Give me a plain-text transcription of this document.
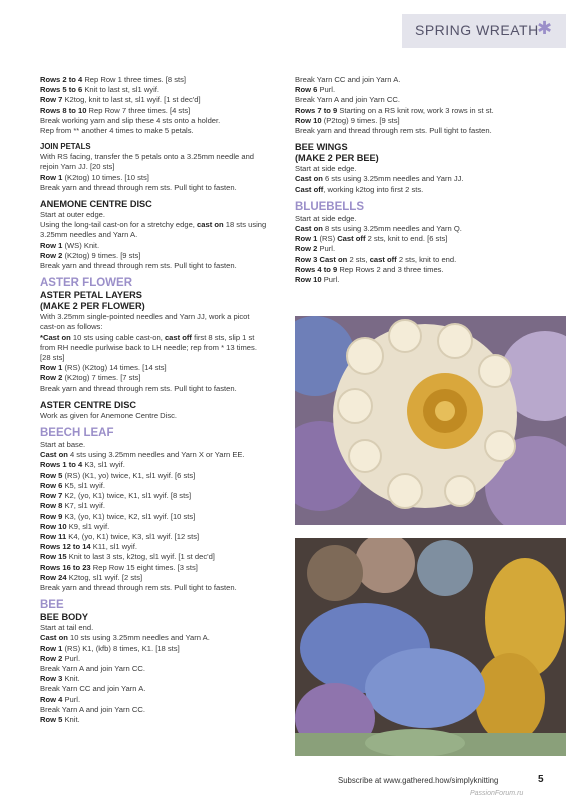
SPRING WREATH
✱
Rows 2 to 4 Rep Row 1 three times. [8 sts]
Rows 5 to 6 Knit to last st, sl1 wyif.
Row 7 K2tog, knit to last st, sl1 wyif. [1 st dec'd]
Rows 8 to 10 Rep Row 7 three times. [4 sts]
Break working yarn and slip these 4 sts onto a holder.
Rep from ** another 4 times to make 5 petals.
JOIN PETALS
With RS facing, transfer the 5 petals onto a 3.25mm needle and
rejoin Yarn JJ. [20 sts]
Row 1 (K2tog) 10 times. [10 sts]
Break yarn and thread through rem sts. Pull tight to fasten.
ANEMONE CENTRE DISC
Start at outer edge.
Using the long-tail cast-on for a stretchy edge, cast on 18 sts using
3.25mm needles and Yarn A.
Row 1 (WS) Knit.
Row 2 (K2tog) 9 times. [9 sts]
Break yarn and thread through rem sts. Pull tight to fasten.
ASTER FLOWER
ASTER PETAL LAYERS
(MAKE 2 PER FLOWER)
With 3.25mm single-pointed needles and Yarn JJ, work a picot
cast-on as follows:
*Cast on 10 sts using cable cast-on, cast off first 8 sts, slip 1 st
from RH needle purlwise back to LH needle; rep from * 13 times.
[28 sts]
Row 1 (RS) (K2tog) 14 times. [14 sts]
Row 2 (K2tog) 7 times. [7 sts]
Break yarn and thread through rem sts. Pull tight to fasten.
ASTER CENTRE DISC
Work as given for Anemone Centre Disc.
BEECH LEAF
Start at base.
Cast on 4 sts using 3.25mm needles and Yarn X or Yarn EE.
Rows 1 to 4 K3, sl1 wyif.
Row 5 (RS) (K1, yo) twice, K1, sl1 wyif. [6 sts]
Row 6 K5, sl1 wyif.
Row 7 K2, (yo, K1) twice, K1, sl1 wyif. [8 sts]
Row 8 K7, sl1 wyif.
Row 9 K3, (yo, K1) twice, K2, sl1 wyif. [10 sts]
Row 10 K9, sl1 wyif.
Row 11 K4, (yo, K1) twice, K3, sl1 wyif. [12 sts]
Rows 12 to 14 K11, sl1 wyif.
Row 15 Knit to last 3 sts, k2tog, sl1 wyif. [1 st dec'd]
Rows 16 to 23 Rep Row 15 eight times. [3 sts]
Row 24 K2tog, sl1 wyif. [2 sts]
Break yarn and thread through rem sts. Pull tight to fasten.
BEE
BEE BODY
Start at tail end.
Cast on 10 sts using 3.25mm needles and Yarn A.
Row 1 (RS) K1, (kfb) 8 times, K1. [18 sts]
Row 2 Purl.
Break Yarn A and join Yarn CC.
Row 3 Knit.
Break Yarn CC and join Yarn A.
Row 4 Purl.
Break Yarn A and join Yarn CC.
Row 5 Knit.
Break Yarn CC and join Yarn A.
Row 6 Purl.
Break Yarn A and join Yarn CC.
Rows 7 to 9 Starting on a RS knit row, work 3 rows in st st.
Row 10 (P2tog) 9 times. [9 sts]
Break yarn and thread through rem sts. Pull tight to fasten.
BEE WINGS
(MAKE 2 PER BEE)
Start at side edge.
Cast on 6 sts using 3.25mm needles and Yarn JJ.
Cast off, working k2tog into first 2 sts.
BLUEBELLS
Start at side edge.
Cast on 8 sts using 3.25mm needles and Yarn Q.
Row 1 (RS) Cast off 2 sts, knit to end. [6 sts]
Row 2 Purl.
Row 3 Cast on 2 sts, cast off 2 sts, knit to end.
Rows 4 to 9 Rep Rows 2 and 3 three times.
Row 10 Purl.
Subscribe at www.gathered.how/simplyknitting	5
PassionForum.ru
